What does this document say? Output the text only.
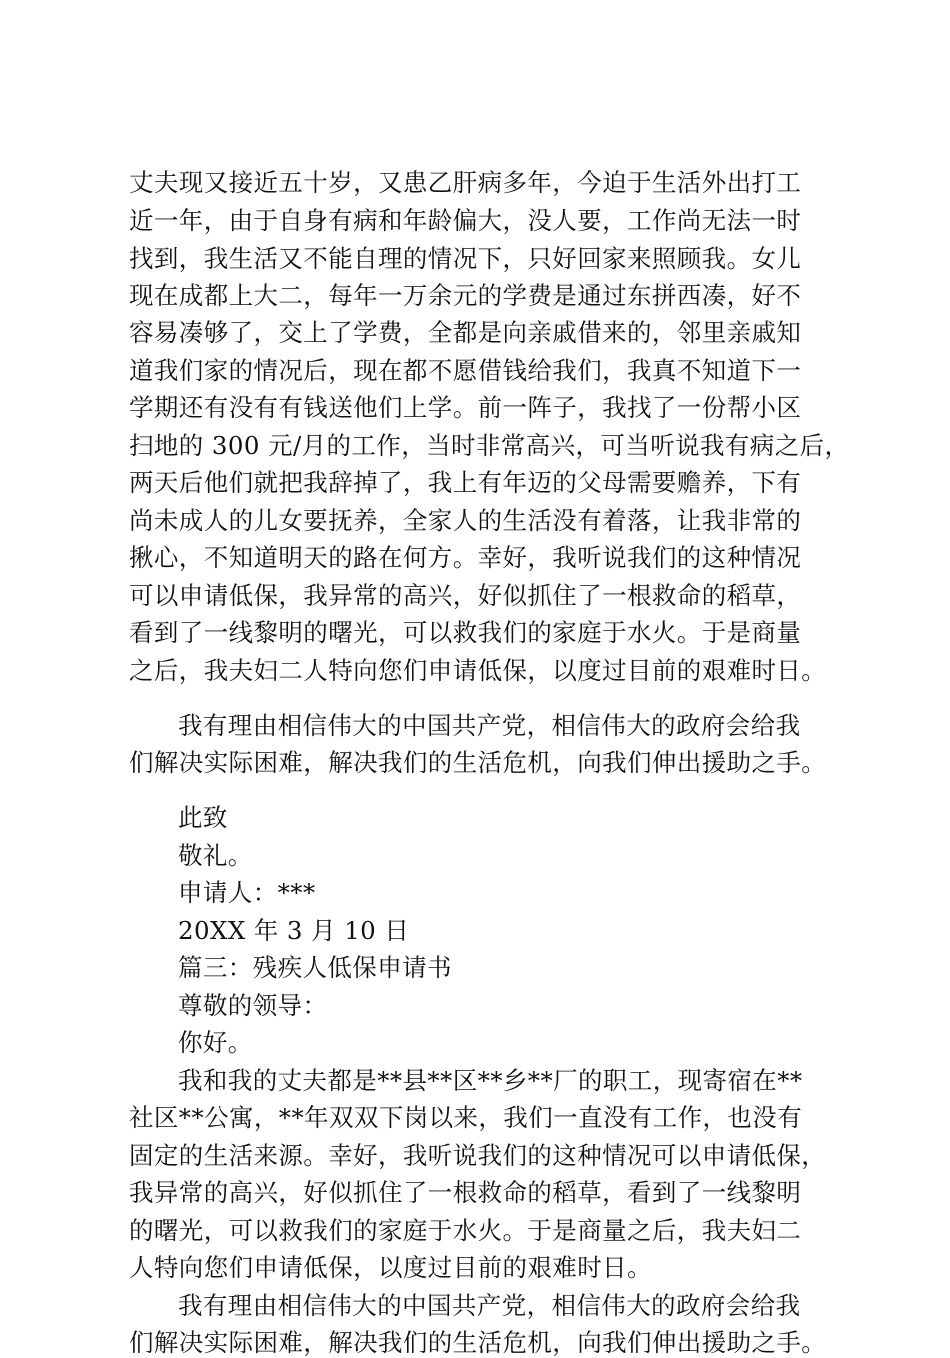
丈夫现又接近五十岁，又患乙肝病多年，今迫于生活外出打工
近一年，由于自身有病和年龄偏大，没人要，工作尚无法一时
找到，我生活又不能自理的情况下，只好回家来照顾我。女儿
现在成都上大二，每年一万余元的学费是通过东拼西凑，好不
容易凑够了，交上了学费，全都是向亲戚借来的，邻里亲戚知
道我们家的情况后，现在都不愿借钱给我们，我真不知道下一
学期还有没有有钱送他们上学。前一阵子，我找了一份帮小区
扫地的 300 元/月的工作，当时非常高兴，可当听说我有病之后，
两天后他们就把我辞掉了，我上有年迈的父母需要赡养，下有
尚未成人的儿女要抚养，全家人的生活没有着落，让我非常的
揪心，不知道明天的路在何方。幸好，我听说我们的这种情况
可以申请低保，我异常的高兴，好似抓住了一根救命的稻草，
看到了一线黎明的曙光，可以救我们的家庭于水火。于是商量
之后，我夫妇二人特向您们申请低保，以度过目前的艰难时日。
我有理由相信伟大的中国共产党，相信伟大的政府会给我
们解决实际困难，解决我们的生活危机，向我们伸出援助之手。
此致
敬礼。
申请人：***
20XX 年 3 月 10 日
篇三：残疾人低保申请书
尊敬的领导：
你好。
我和我的丈夫都是**县**区**乡**厂的职工，现寄宿在**
社区**公寓，**年双双下岗以来，我们一直没有工作，也没有
固定的生活来源。幸好，我听说我们的这种情况可以申请低保，
我异常的高兴，好似抓住了一根救命的稻草，看到了一线黎明
的曙光，可以救我们的家庭于水火。于是商量之后，我夫妇二
人特向您们申请低保，以度过目前的艰难时日。
我有理由相信伟大的中国共产党，相信伟大的政府会给我
们解决实际困难，解决我们的生活危机，向我们伸出援助之手。
